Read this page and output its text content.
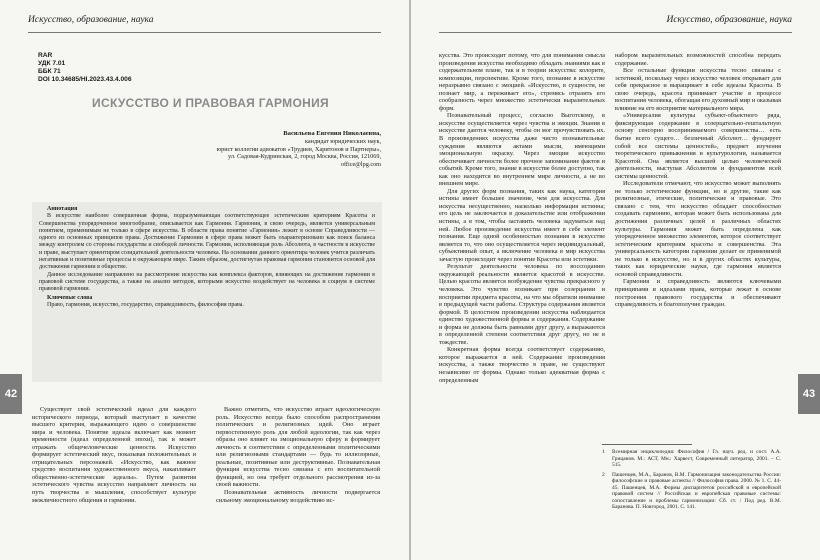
Искусство, образование, наука
RAR
УДК 7.01
ББК 71
DOI 10.34685/HI.2023.43.4.006
ИСКУССТВО И ПРАВОВАЯ ГАРМОНИЯ
Васильева Евгения Николаевна,
кандидат юридических наук,
юрист коллегии адвокатов «Трудиев, Харитонов и Партнеры»,
ул. Садовая-Кудринская, 2, город Москва, Россия, 121069,
office@lpg.com
Аннотация

В искусстве наиболее совершенная форма, подразумевающая соответствующее эстетическим критериям Красоты и Совершенства упорядоченное многообразие, описывается как Гармония. Гармония, в свою очередь, является универсальным понятием, применимым не только в сфере искусства. В области права понятие «Гармония» лежит в основе Справедливости — одного из основных принципов права. Достижение Гармонии в сфере права может быть охарактеризовано как поиск баланса между контролем со стороны государства и свободой личности. Гармония, исполняющая роль Абсолюта, в частности в искусстве и праве, выступает ориентиром созидательной деятельности человека. На основании данного ориентира человек учится различать негативные и позитивные процессы в окружающем мире. Таким образом, достигнутая правовая гармония становится основой для достижения гармонии в обществе.

Данное исследование направлено на рассмотрение искусства как комплекса факторов, влияющих на достижение гармонии в правовой системе государства, а также на анализ методов, которыми искусство воздействует на человека и социум в системе правовой гармонии.

Ключевые слова

Право, гармония, искусство, государство, справедливость, философия права.

Существует свой эстетический идеал для каждого исторического периода, который выступает в качестве высшего критерия, выражающего идею о совершенстве мира и человека. Понятие идеала включает как момент временности (идеал определенной эпохи), так и может отражать общечеловеческие ценности. Искусство формирует эстетический вкус, показывая положительных и отрицательных персонажей. «Искусство, как важное средство воспитания художественного вкуса, накапливает общественно-эстетические идеалы». Путем развития эстетического чувства искусство направляет личность на путь творчества и мышления, способствует культуре межличностного общения и гармонии.

Важно отметить, что искусство играет идеологическую роль. Искусство всегда было способом распространения политических и религиозных идей. Оно играет первостепенную роль для любой идеологии, так как через образы оно влияет на эмоциональную сферу и формирует личность в соответствии с определенными политическими или религиозными стандартами — будь то иллюзорные, реальные, позитивные или деструктивные. Познавательная функция искусства тесно связана с его воспитательной функцией, но она требует отдельного рассмотрения из-за своей важности.

Познавательная активность личности подвергается сильному эмоциональному воздействию ис-

42
Искусство, образование, наука

кусства. Это происходит потому, что для понимания смысла произведения искусства необходимо обладать знаниями как в содержательном плане, так и в теории искусства: колорите, композиции, перспективе. Кроме того, познание в искусстве неразрывно связано с эмоцией. «Искусство, в сущности, не познает мир, а переживает его», стремясь отразить его сообразность через множество эстетически выразительных форм.

Познавательный процесс, согласно Выготскому, в искусстве осуществляется через чувства и эмоции. Знания в искусстве даются человеку, чтобы он мог прочувствовать их. В произведениях искусства даже чисто познавательные суждения являются актами мысли, имеющими эмоциональную окраску. Через эмоции искусство обеспечивает личности более прочное запоминание фактов и событий. Кроме того, знание в искусстве более доступно, так как оно находится во внутреннем мире личности, а не во внешнем мире.

Для других форм познания, таких как наука, категория истины имеет большее значение, чем для искусства. Для искусства несущественно, насколько информация истинна; его цель не заключается в доказательстве или отображении истины, а в том, чтобы заставить человека задуматься над ней. Любое произведение искусства имеет в себе элемент познания. Еще одной особенностью познания в искусстве является то, что оно осуществляется через индивидуальный, субъективный опыт, а включение человека в мир искусства зачастую происходит через понятие Красоты или эстетики.

Результат деятельности человека по воссозданию окружающей реальности является красотой в искусстве. Целью красоты является возбуждение чувства прекрасного у человека. Это чувство возникает при созерцании и восприятии предмета красоты, на что мы обратили внимание в предыдущей части работы. Структура содержания является формой. В целостном произведении искусства наблюдается единство художественной формы и содержания. Содержание и форма не должны быть равными друг другу, а выражаются в определенной степени соответствия друг другу, но не в тождестве.

Конкретная форма всегда соответствует содержанию, которое выражается в ней. Содержание произведения искусства, а также творчество в праве, не существуют независимо от формы. Однако только адекватная форма с определенным

набором выразительных возможностей способна передать содержание.

Все остальные функции искусства тесно связаны с эстетикой, поскольку через искусство человек открывает для себя прекрасное и выращивает в себе идеалы Красоты. В свою очередь, красота принимает участие в процессе воспитания человека, обогащая его духовный мир и оказывая влияние на его восприятие материального мира.

«Универсалия культуры субъект-объектного ряда, фиксирующая содержание в созерцательно-гештальтную основу сенсорно воспринимаемого совершенства… есть бытие всего сущего… безличный Абсолют… фундирует собой все системы ценностей», предмет изучения теоретического привыкнения и культурологии, называется Красотой. Она является высшей целью человеческой деятельности, выступая Абсолютом и фундаментом всей системы ценностей.

Исследователи отмечают, что искусство может выполнять не только эстетические функции, но и другие, такие как религиозные, этические, политические и правовые. Это связано с тем, что искусство обладает способностью создавать гармонию, которая может быть использована для достижения различных целей в различных областях культуры. Гармония может быть определена как упорядоченное множество элементов, которое соответствует эстетическим критериям красоты и совершенства. Эта универсальность категории гармонии делает ее применимой не только в искусстве, но и в других областях культуры, таких как юридические науки, где гармония является основой справедливости.

Гармония и справедливость являются ключевыми принципами и идеалами права, которые лежат в основе построения правового государства и обеспечивают справедливость и благополучие граждан.

43
1 Всемирная энциклопедия: Философия / Гл. науч. ред. и сост. А.А. Грицанов. М.: АСТ, Мн.: Харвест, Современный литератор, 2001. – С. 515.
2 Пашенцев, М.А., Баранов, В.М. Гармонизация законодательства России: философские и правовые аспекты // Философия права. 2000. № 1. С. 44-45. Пашенцев, М.А. Формы диспаритетов российской и европейской правовой систем // Российская и европейская правовые системы: сопоставление и проблемы гармонизации: Сб. ст. / Под ред. В.М. Баранова. П. Новгород, 2001. С. 141.
